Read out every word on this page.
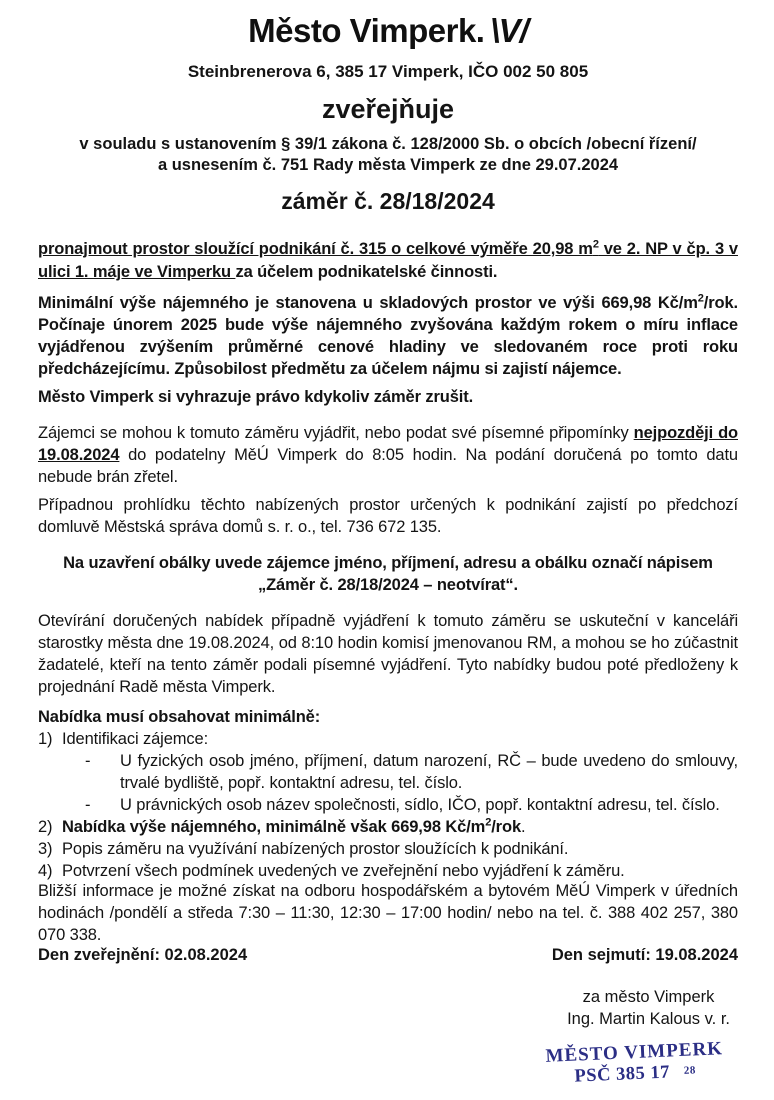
Město Vimperk. \V/
Steinbrenerova 6, 385 17 Vimperk, IČO 002 50 805
zveřejňuje
v souladu s ustanovením § 39/1 zákona č. 128/2000 Sb. o obcích /obecní řízení/
a usnesením č. 751 Rady města Vimperk ze dne 29.07.2024
záměr č. 28/18/2024
pronajmout prostor sloužící podnikání č. 315 o celkové výměře 20,98 $m^2$ ve 2. NP v čp. 3 v ulici 1. máje ve Vimperku za účelem podnikatelské činnosti.
Minimální výše nájemného je stanovena u skladových prostor ve výši 669,98 $Kč/m^2$/rok. Počínaje únorem 2025 bude výše nájemného zvyšována každým rokem o míru inflace vyjádřenou zvýšením průměrné cenové hladiny ve sledovaném roce proti roku předcházejícímu. Způsobilost předmětu za účelem nájmu si zajistí nájemce.
Město Vimperk si vyhrazuje právo kdykoliv záměr zrušit.
Zájemci se mohou k tomuto záměru vyjádřit, nebo podat své písemné připomínky nejpozději do 19.08.2024 do podatelny MěÚ Vimperk do 8:05 hodin. Na podání doručená po tomto datu nebude brán zřetel.
Případnou prohlídku těchto nabízených prostor určených k podnikání zajistí po předchozí domluvě Městská správa domů s. r. o., tel. 736 672 135.
Na uzavření obálky uvede zájemce jméno, příjmení, adresu a obálku označí nápisem
„Záměr č. 28/18/2024 – neotvírat“.
Otevírání doručených nabídek případně vyjádření k tomuto záměru se uskuteční v kanceláři starostky města dne 19.08.2024, od 8:10 hodin komisí jmenovanou RM, a mohou se ho zúčastnit žadatelé, kteří na tento záměr podali písemné vyjádření. Tyto nabídky budou poté předloženy k projednání Radě města Vimperk.
Nabídka musí obsahovat minimálně:
1) Identifikaci zájemce:
-	U fyzických osob jméno, příjmení, datum narození, RČ – bude uvedeno do smlouvy, trvalé bydliště, popř. kontaktní adresu, tel. číslo.
-	U právnických osob název společnosti, sídlo, IČO, popř. kontaktní adresu, tel. číslo.
2) Nabídka výše nájemného, minimálně však 669,98 $Kč/m^2$/rok.
3) Popis záměru na využívání nabízených prostor sloužících k podnikání.
4) Potvrzení všech podmínek uvedených ve zveřejnění nebo vyjádření k záměru.
Bližší informace je možné získat na odboru hospodářském a bytovém MěÚ Vimperk v úředních hodinách /pondělí a středa 7:30 – 11:30, 12:30 – 17:00 hodin/ nebo na tel. č. 388 402 257, 380 070 338.
Den zveřejnění: 02.08.2024	Den sejmutí: 19.08.2024
za město Vimperk
Ing. Martin Kalous v. r.
MĚSTO VIMPERK
PSČ 385 17 28
